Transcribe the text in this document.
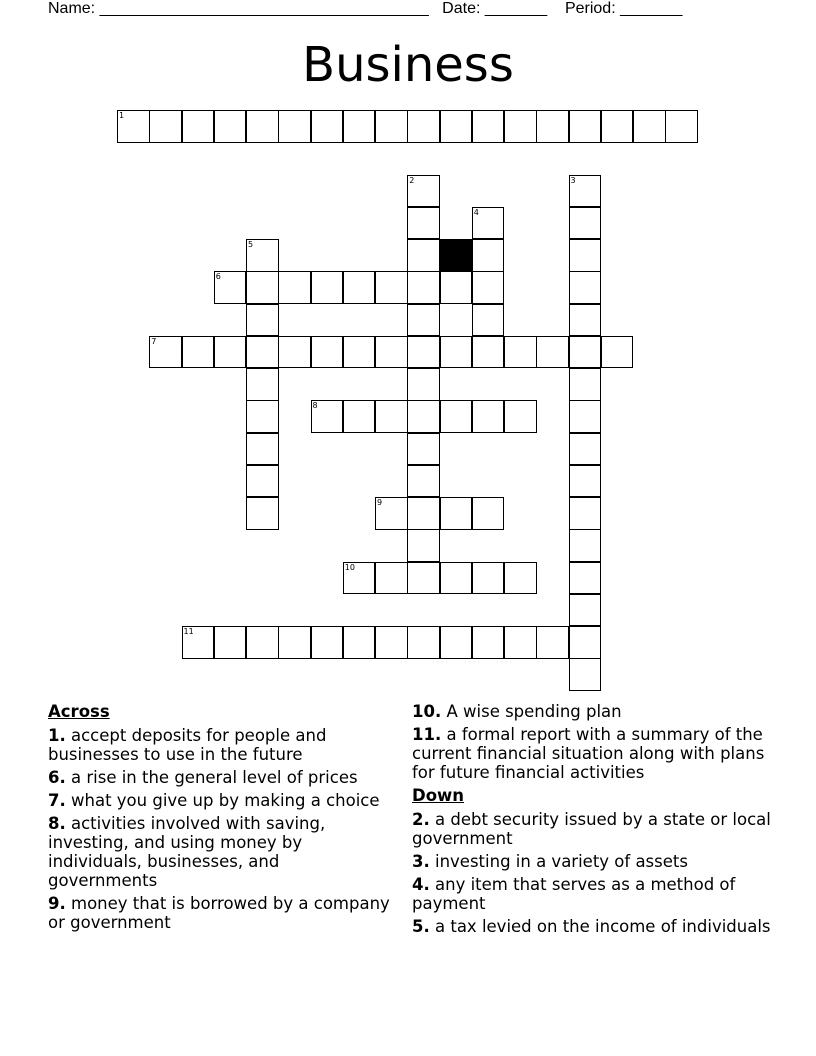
Name: _____________________________________ Date: _______ Period: _______
Business
1
2	3
4
5
6
7
8
9
10
11
Across
1. accept deposits for people and businesses to use in the future
6. a rise in the general level of prices
7. what you give up by making a choice
8. activities involved with saving, investing, and using money by individuals, businesses, and governments
9. money that is borrowed by a company or government
10. A wise spending plan
11. a formal report with a summary of the current financial situation along with plans for future financial activities
Down
2. a debt security issued by a state or local government
3. investing in a variety of assets
4. any item that serves as a method of payment
5. a tax levied on the income of individuals
